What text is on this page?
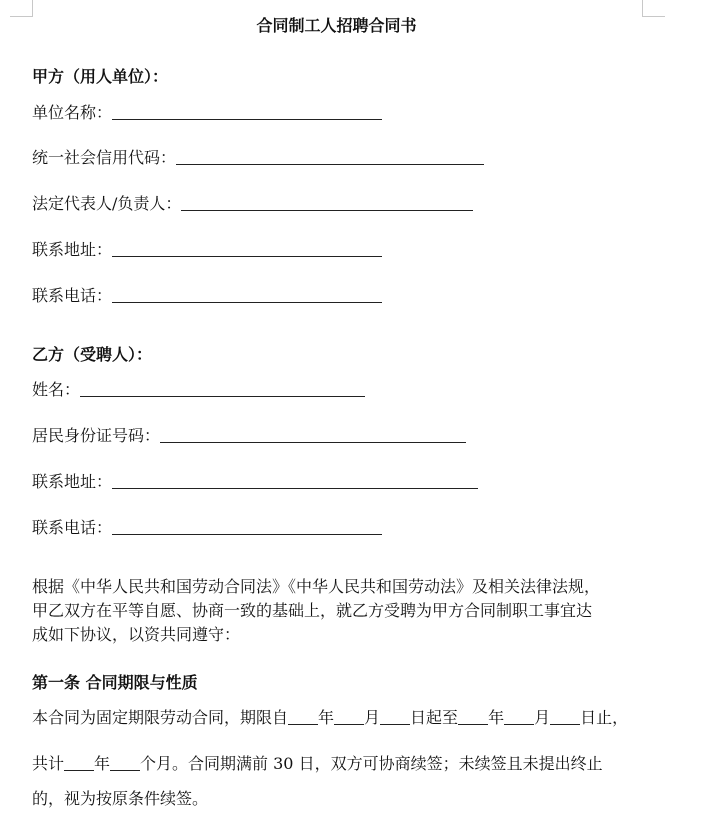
合同制工人招聘合同书
甲方（用人单位）：
单位名称：
统一社会信用代码：
法定代表人/负责人：
联系地址：
联系电话：
乙方（受聘人）：
姓名：
居民身份证号码：
联系地址：
联系电话：
根据《中华人民共和国劳动合同法》《中华人民共和国劳动法》及相关法律法规，
甲乙双方在平等自愿、协商一致的基础上，就乙方受聘为甲方合同制职工事宜达
成如下协议，以资共同遵守：
第一条 合同期限与性质
本合同为固定期限劳动合同，期限自 年 月 日起至 年 月 日止，
共计 年 个月。合同期满前 30 日，双方可协商续签；未续签且未提出终止
的，视为按原条件续签。
